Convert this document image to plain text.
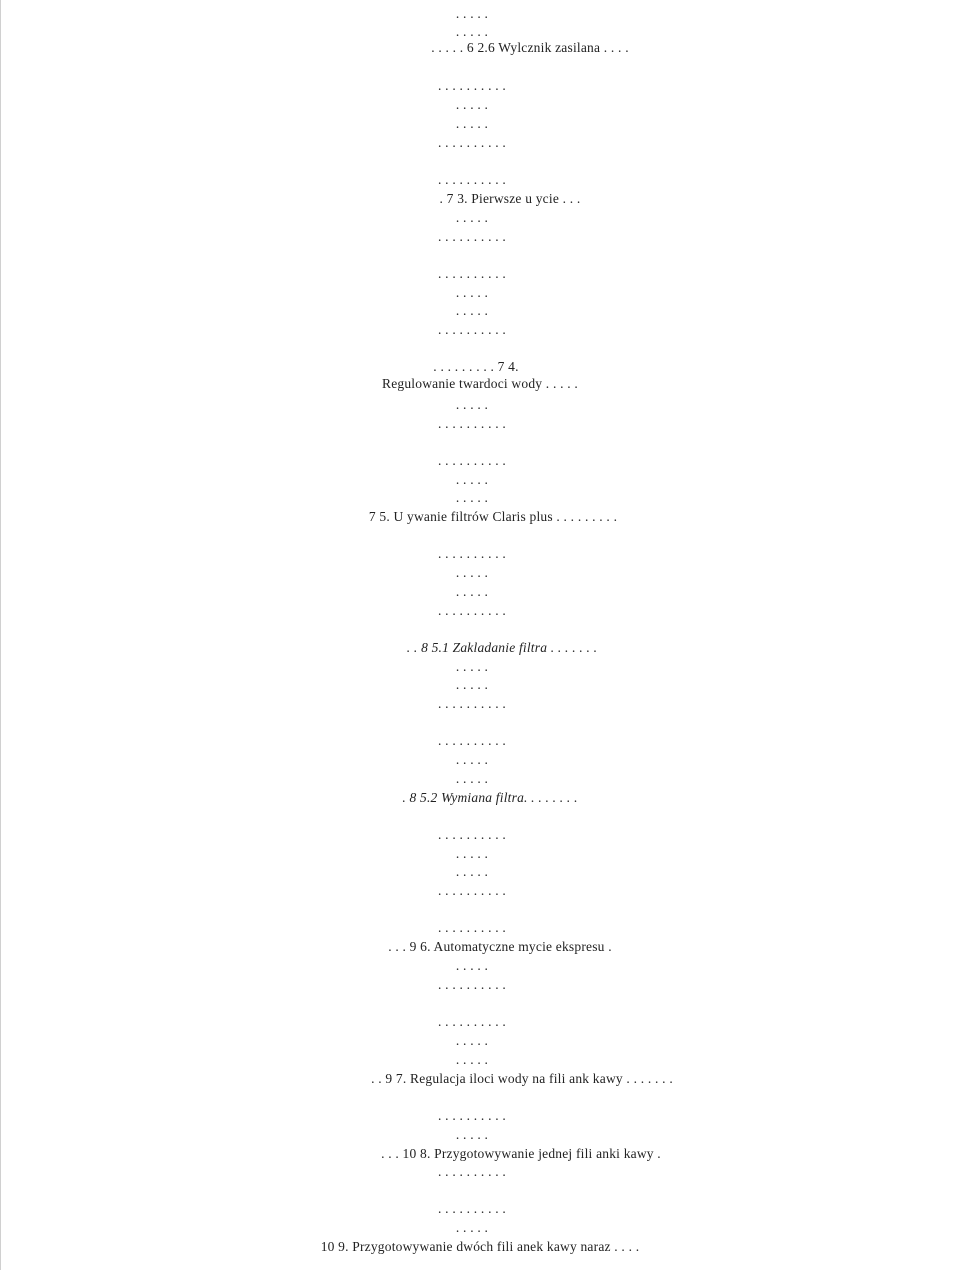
. . . . .
. . . . .
. . . . . 6 2.6 Wylcznik zasilana . . . .
. . . . . . . . . .
. . . . .
. . . . .
. . . . . . . . . .
. . . . . . . . . .
. 7 3. Pierwsze u ycie . . .
. . . . .
. . . . . . . . . .
. . . . . . . . . .
. . . . .
. . . . .
. . . . . . . . . .
. . . . . . . . . 7 4.
Regulowanie twardoci wody . . . . .
. . . . .
. . . . . . . . . .
. . . . . . . . . .
. . . . .
. . . . .
7 5. U ywanie filtrów Claris plus . . . . . . . . .
. . . . . . . . . .
. . . . .
. . . . .
. . . . . . . . . .
. . 8 5.1 Zakladanie filtra . . . . . . .
. . . . .
. . . . .
. . . . . . . . . .
. . . . . . . . . .
. . . . .
. . . . .
. 8 5.2 Wymiana filtra. . . . . . . .
. . . . . . . . . .
. . . . .
. . . . .
. . . . . . . . . .
. . . . . . . . . .
. . . 9 6. Automatyczne mycie ekspresu .
. . . . .
. . . . . . . . . .
. . . . . . . . . .
. . . . .
. . . . .
. . 9 7. Regulacja iloci wody na fili ank kawy . . . . . . .
. . . . . . . . . .
. . . . .
. . . 10 8. Przygotowywanie jednej fili anki kawy .
. . . . . . . . . .
. . . . . . . . . .
. . . . .
10 9. Przygotowywanie dwóch fili anek kawy naraz . . . .
